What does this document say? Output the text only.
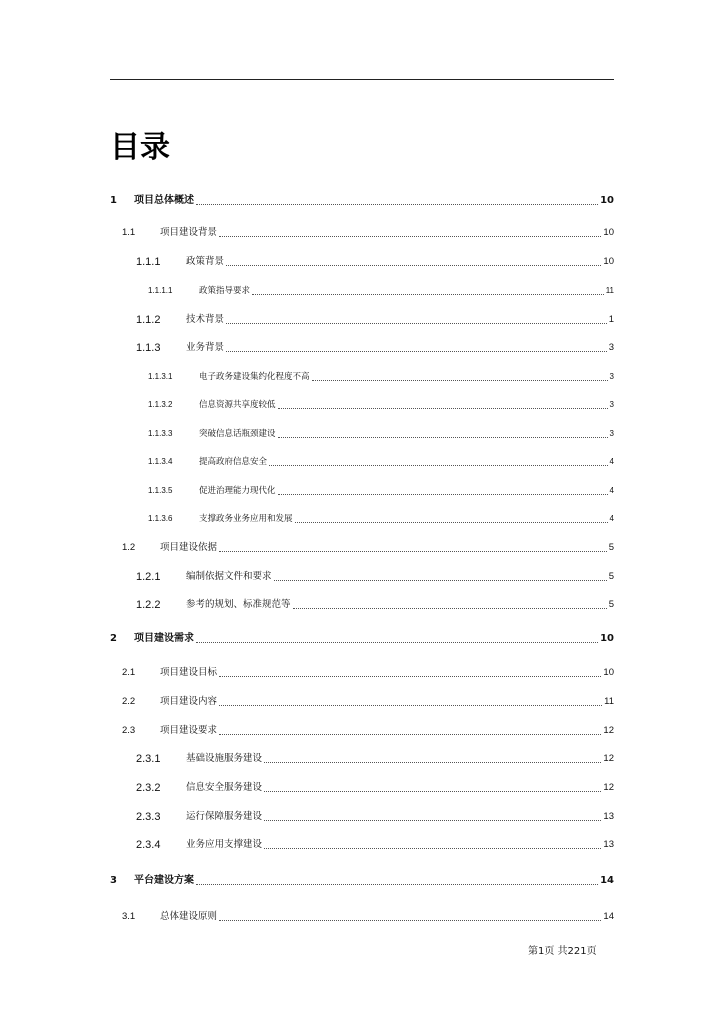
目录
1 项目总体概述	10
1.1	项目建设背景	10
1.1.1	政策背景	10
1.1.1.1	政策指导要求	11
1.1.2	技术背景	1
1.1.3	业务背景	3
1.1.3.1	电子政务建设集约化程度不高	3
1.1.3.2	信息资源共享度较低	3
1.1.3.3	突破信息话瓶颈建设	3
1.1.3.4	提高政府信息安全	4
1.1.3.5	促进治理能力现代化	4
1.1.3.6	支撑政务业务应用和发展	4
1.2	项目建设依据	5
1.2.1	编制依据文件和要求	5
1.2.2	参考的规划、标准规范等	5
2 项目建设需求	10
2.1	项目建设目标	10
2.2	项目建设内容	11
2.3	项目建设要求	12
2.3.1	基础设施服务建设	12
2.3.2	信息安全服务建设	12
2.3.3	运行保障服务建设	13
2.3.4	业务应用支撑建设	13
3 平台建设方案	14
3.1	总体建设原则	14
第1页 共221页
